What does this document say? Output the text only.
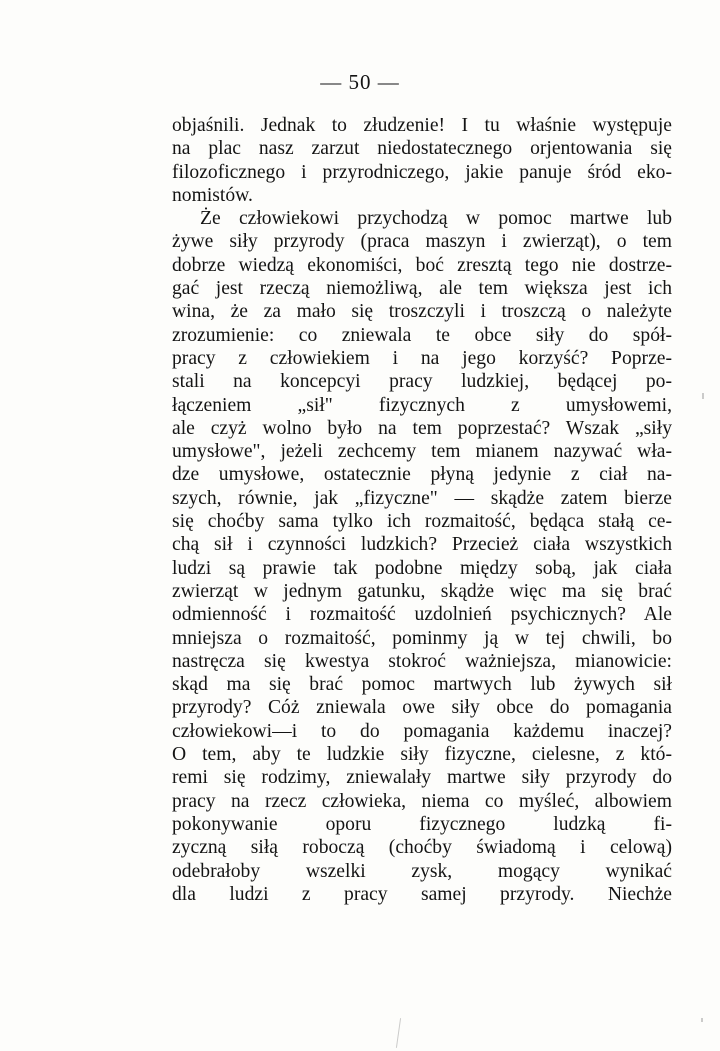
— 50 —
objaśnili. Jednak to złudzenie! I tu właśnie występuje
na plac nasz zarzut niedostatecznego orjentowania się
filozoficznego i przyrodniczego, jakie panuje śród eko-
nomistów.
Że człowiekowi przychodzą w pomoc martwe lub
żywe siły przyrody (praca maszyn i zwierząt), o tem
dobrze wiedzą ekonomiści, boć zresztą tego nie dostrze-
gać jest rzeczą niemożliwą, ale tem większa jest ich
wina, że za mało się troszczyli i troszczą o należyte
zrozumienie: co zniewala te obce siły do spół-
pracy z człowiekiem i na jego korzyść? Poprze-
stali na koncepcyi pracy ludzkiej, będącej po-
łączeniem „sił" fizycznych z umysłowemi,
ale czyż wolno było na tem poprzestać? Wszak „siły
umysłowe", jeżeli zechcemy tem mianem nazywać wła-
dze umysłowe, ostatecznie płyną jedynie z ciał na-
szych, równie, jak „fizyczne" — skądże zatem bierze
się choćby sama tylko ich rozmaitość, będąca stałą ce-
chą sił i czynności ludzkich? Przecież ciała wszystkich
ludzi są prawie tak podobne między sobą, jak ciała
zwierząt w jednym gatunku, skądże więc ma się brać
odmienność i rozmaitość uzdolnień psychicznych? Ale
mniejsza o rozmaitość, pominmy ją w tej chwili, bo
nastręcza się kwestya stokroć ważniejsza, mianowicie:
skąd ma się brać pomoc martwych lub żywych sił
przyrody? Cóż zniewala owe siły obce do pomagania
człowiekowi—i to do pomagania każdemu inaczej?
O tem, aby te ludzkie siły fizyczne, cielesne, z któ-
remi się rodzimy, zniewalały martwe siły przyrody do
pracy na rzecz człowieka, niema co myśleć, albowiem
pokonywanie oporu fizycznego ludzką fi-
zyczną siłą roboczą (choćby świadomą i celową)
odebrałoby wszelki zysk, mogący wynikać
dla ludzi z pracy samej przyrody. Niechże
